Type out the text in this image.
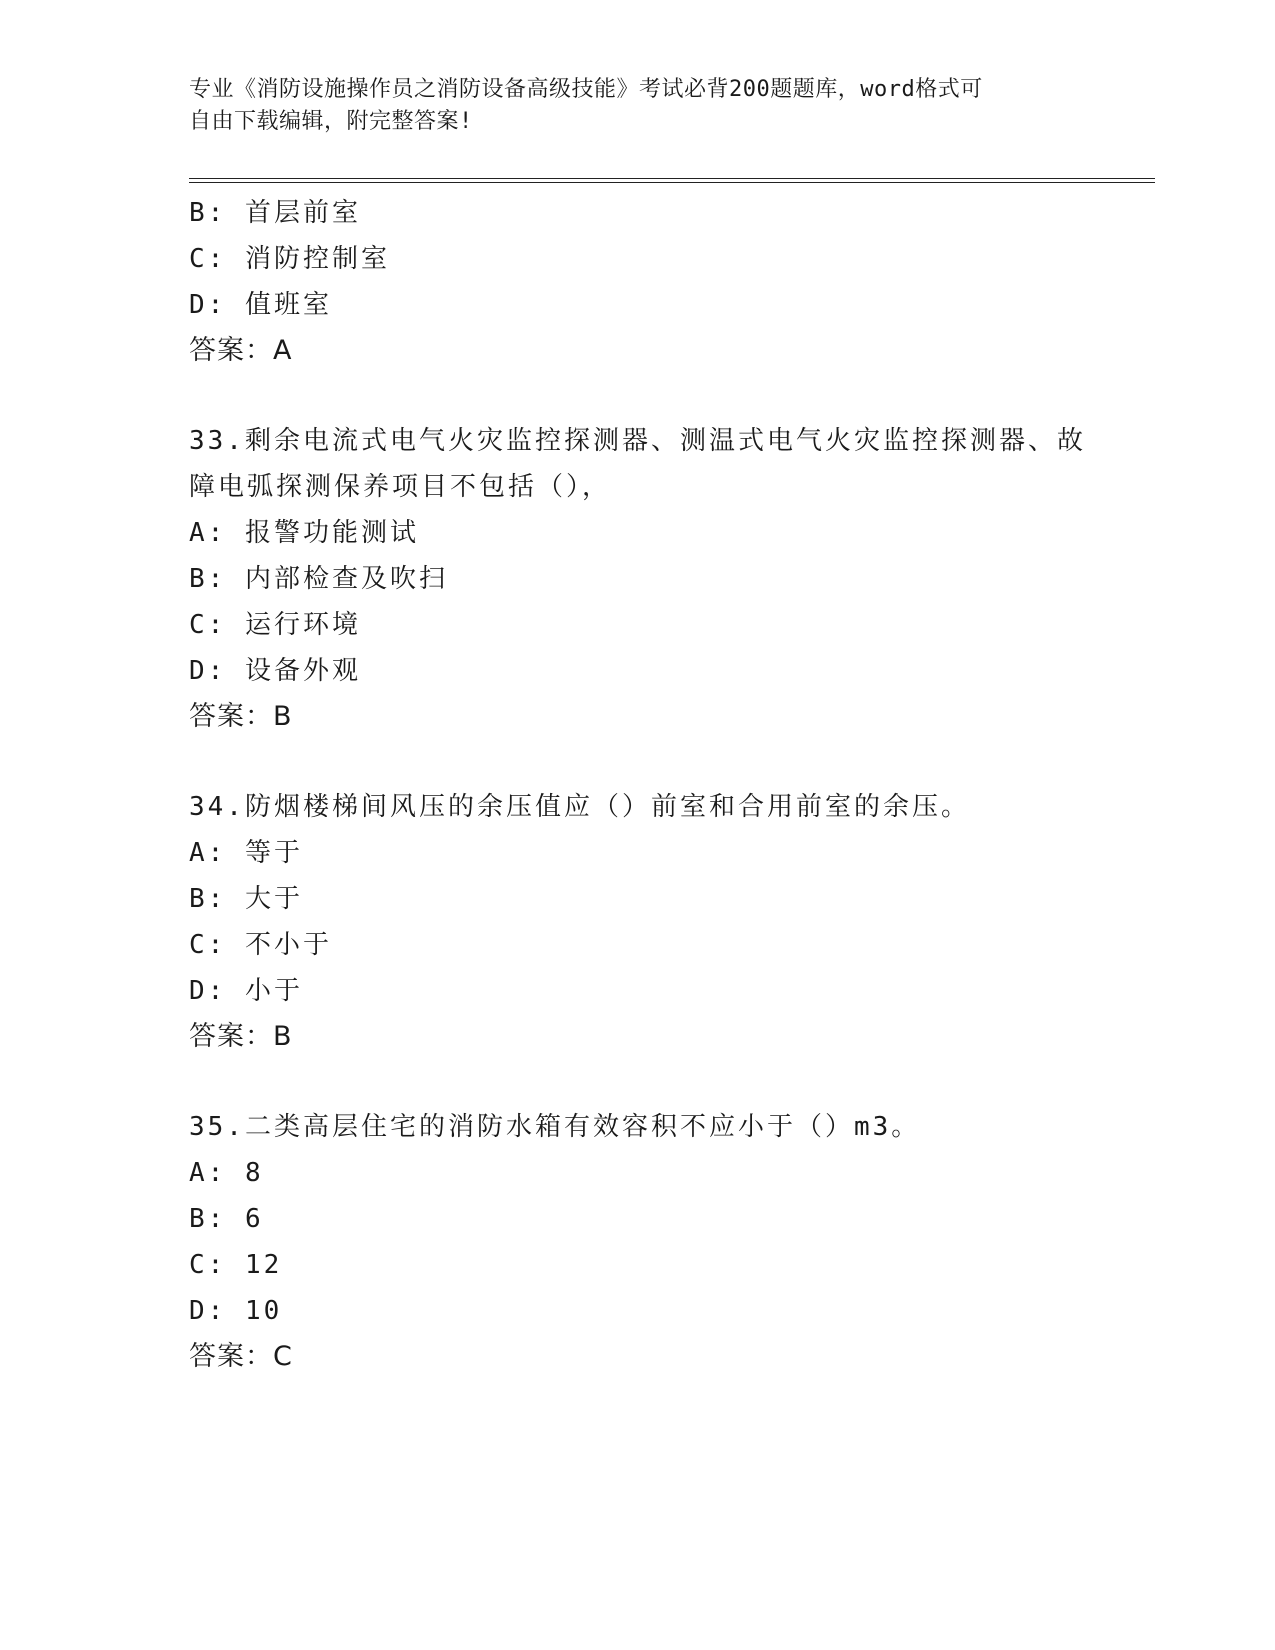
专业《消防设施操作员之消防设备高级技能》考试必背200题题库，word格式可
自由下载编辑，附完整答案!
B: 首层前室
C: 消防控制室
D: 值班室
答案：A
33.剩余电流式电气火灾监控探测器、测温式电气火灾监控探测器、故
障电弧探测保养项目不包括（），
A: 报警功能测试
B: 内部检查及吹扫
C: 运行环境
D: 设备外观
答案：B
34.防烟楼梯间风压的余压值应（）前室和合用前室的余压。
A: 等于
B: 大于
C: 不小于
D: 小于
答案：B
35.二类高层住宅的消防水箱有效容积不应小于（）m3。
A: 8
B: 6
C: 12
D: 10
答案：C
